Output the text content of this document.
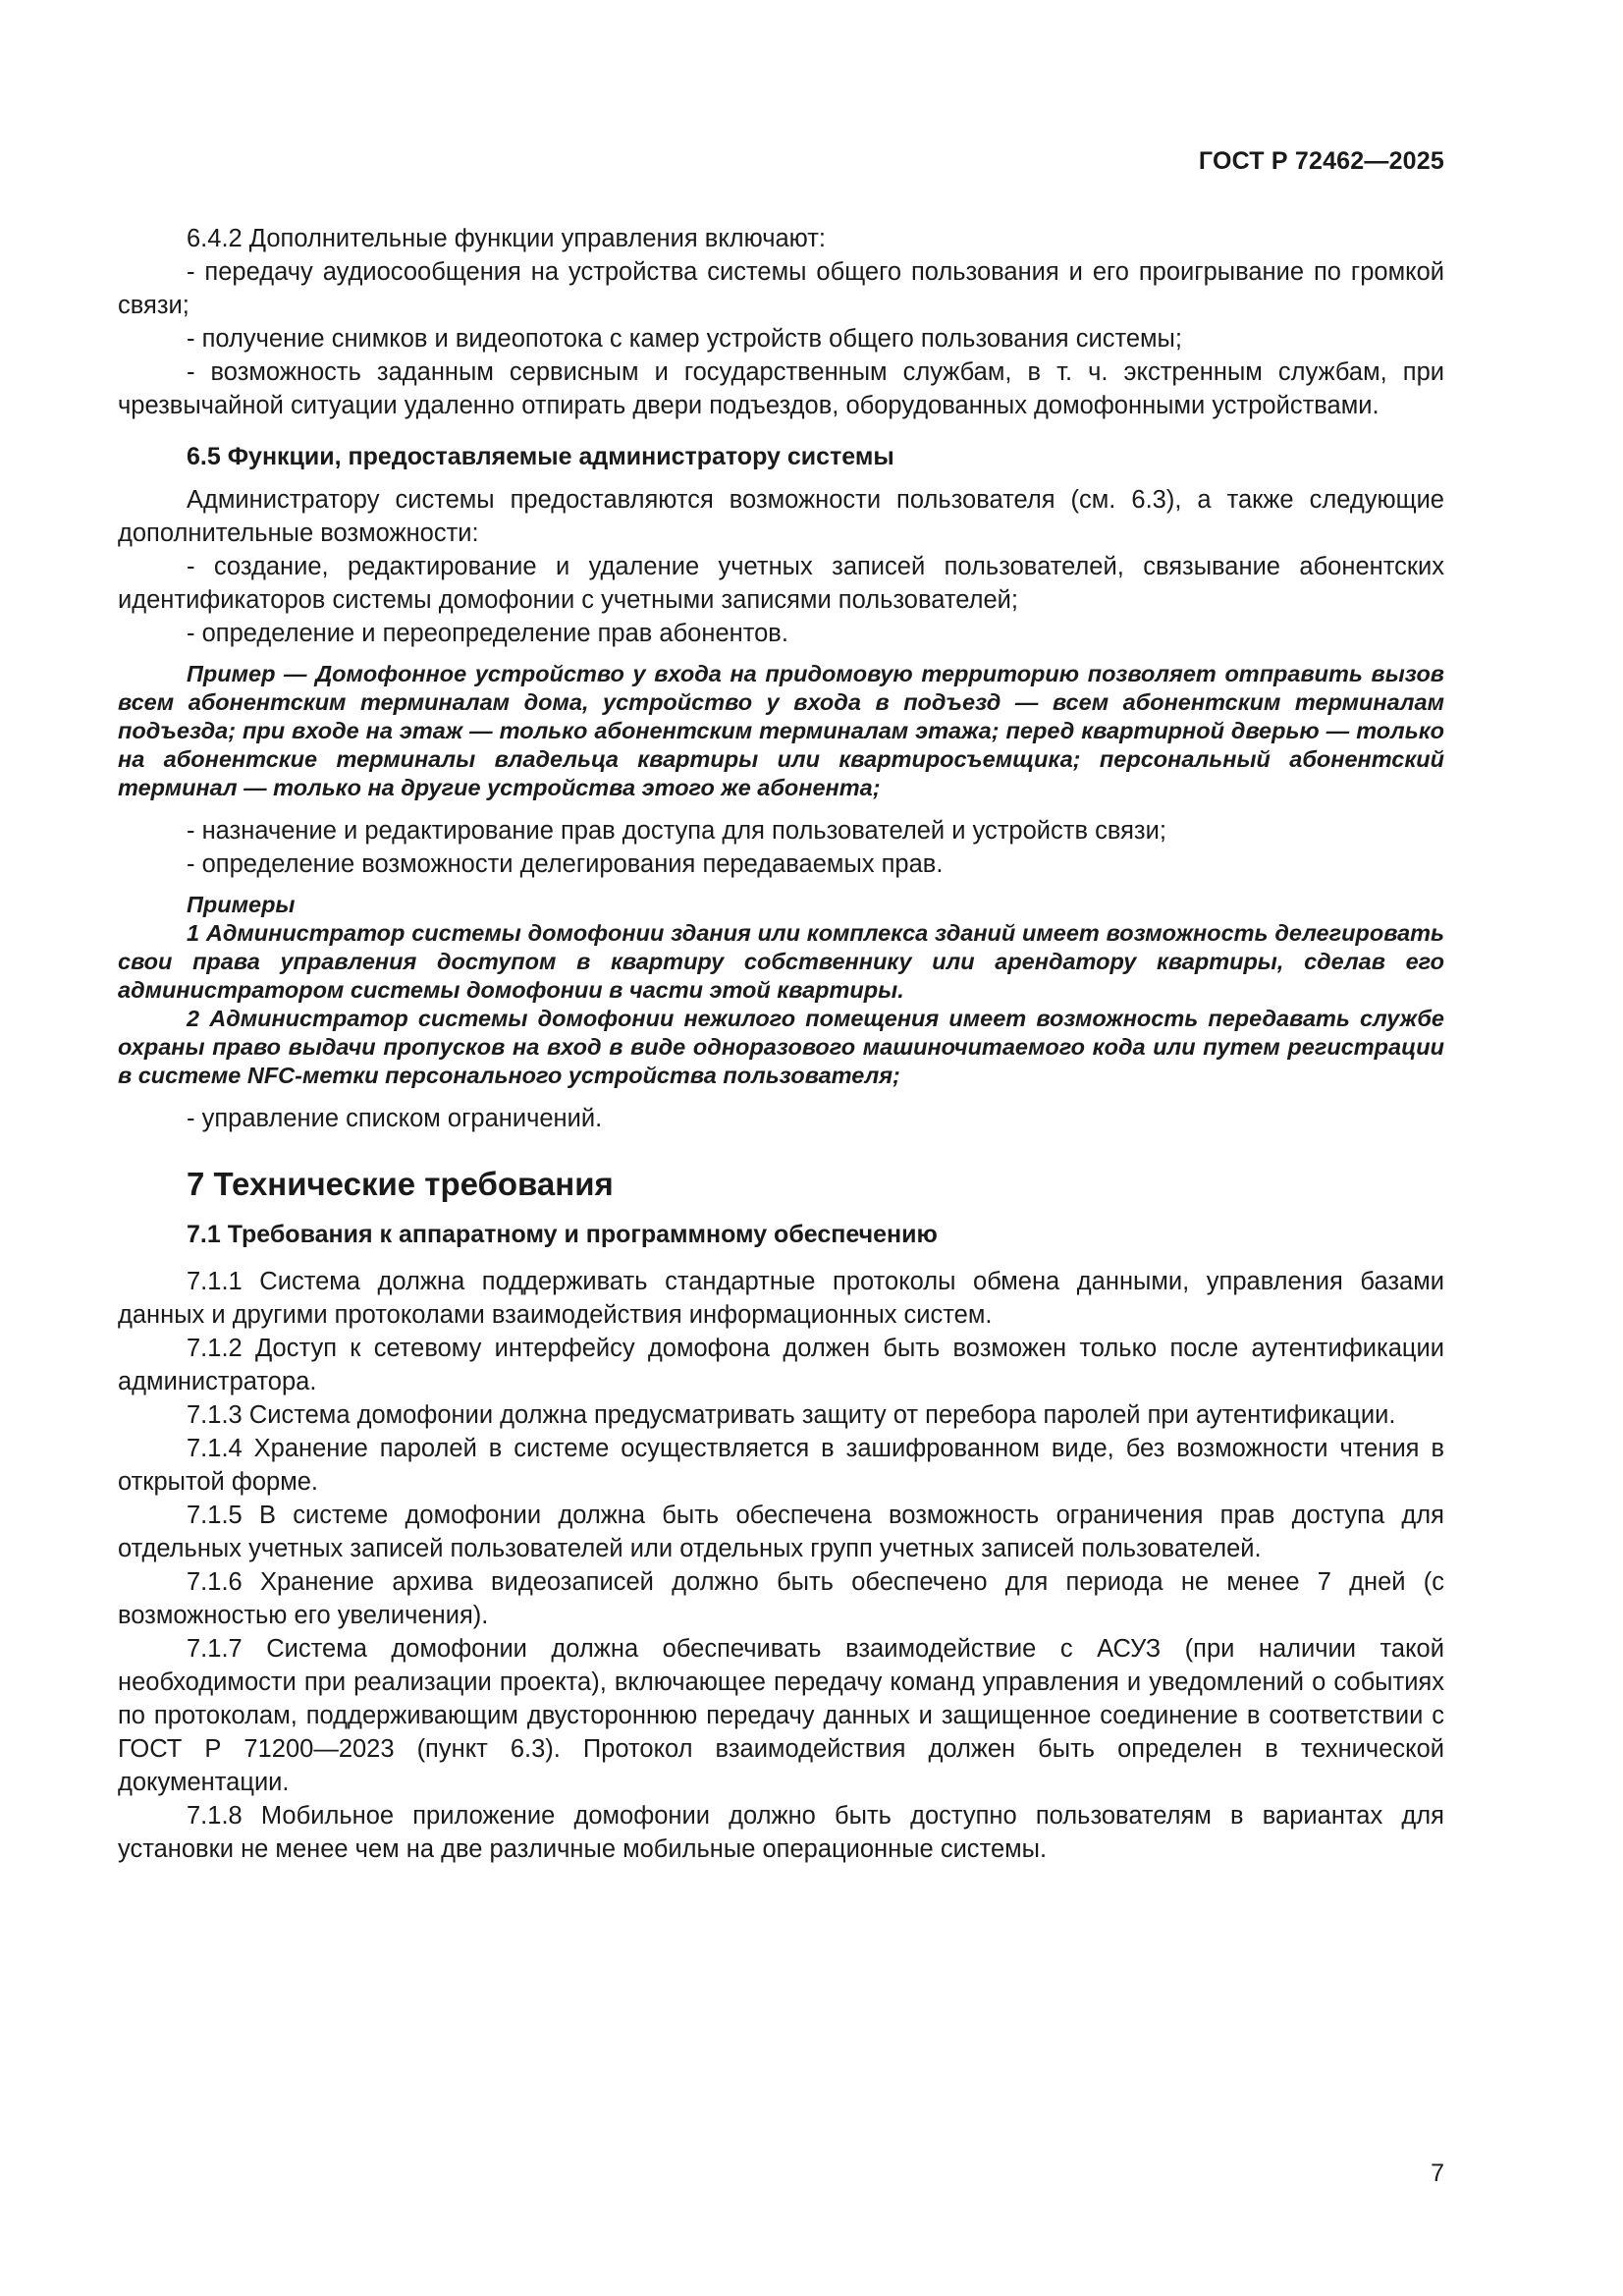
ГОСТ Р 72462—2025

6.4.2 Дополнительные функции управления включают:

- передачу аудиосообщения на устройства системы общего пользования и его проигрывание по громкой связи;

- получение снимков и видеопотока с камер устройств общего пользования системы;

- возможность заданным сервисным и государственным службам, в т. ч. экстренным службам, при чрезвычайной ситуации удаленно отпирать двери подъездов, оборудованных домофонными устройствами.

6.5 Функции, предоставляемые администратору системы

Администратору системы предоставляются возможности пользователя (см. 6.3), а также следующие дополнительные возможности:

- создание, редактирование и удаление учетных записей пользователей, связывание абонентских идентификаторов системы домофонии с учетными записями пользователей;

- определение и переопределение прав абонентов.

Пример — Домофонное устройство у входа на придомовую территорию позволяет отправить вызов всем абонентским терминалам дома, устройство у входа в подъезд — всем абонентским терминалам подъезда; при входе на этаж — только абонентским терминалам этажа; перед квартирной дверью — только на абонентские терминалы владельца квартиры или квартиросъемщика; персональный абонентский терминал — только на другие устройства этого же абонента;

- назначение и редактирование прав доступа для пользователей и устройств связи;

- определение возможности делегирования передаваемых прав.

Примеры

1 Администратор системы домофонии здания или комплекса зданий имеет возможность делегировать свои права управления доступом в квартиру собственнику или арендатору квартиры, сделав его администратором системы домофонии в части этой квартиры.

2 Администратор системы домофонии нежилого помещения имеет возможность передавать службе охраны право выдачи пропусков на вход в виде одноразового машиночитаемого кода или путем регистрации в системе NFC-метки персонального устройства пользователя;

- управление списком ограничений.

7 Технические требования

7.1 Требования к аппаратному и программному обеспечению

7.1.1 Система должна поддерживать стандартные протоколы обмена данными, управления базами данных и другими протоколами взаимодействия информационных систем.

7.1.2 Доступ к сетевому интерфейсу домофона должен быть возможен только после аутентификации администратора.

7.1.3 Система домофонии должна предусматривать защиту от перебора паролей при аутентификации.

7.1.4 Хранение паролей в системе осуществляется в зашифрованном виде, без возможности чтения в открытой форме.

7.1.5 В системе домофонии должна быть обеспечена возможность ограничения прав доступа для отдельных учетных записей пользователей или отдельных групп учетных записей пользователей.

7.1.6 Хранение архива видеозаписей должно быть обеспечено для периода не менее 7 дней (с возможностью его увеличения).

7.1.7 Система домофонии должна обеспечивать взаимодействие с АСУЗ (при наличии такой необходимости при реализации проекта), включающее передачу команд управления и уведомлений о событиях по протоколам, поддерживающим двустороннюю передачу данных и защищенное соединение в соответствии с ГОСТ Р 71200—2023 (пункт 6.3). Протокол взаимодействия должен быть определен в технической документации.

7.1.8 Мобильное приложение домофонии должно быть доступно пользователям в вариантах для установки не менее чем на две различные мобильные операционные системы.

7
